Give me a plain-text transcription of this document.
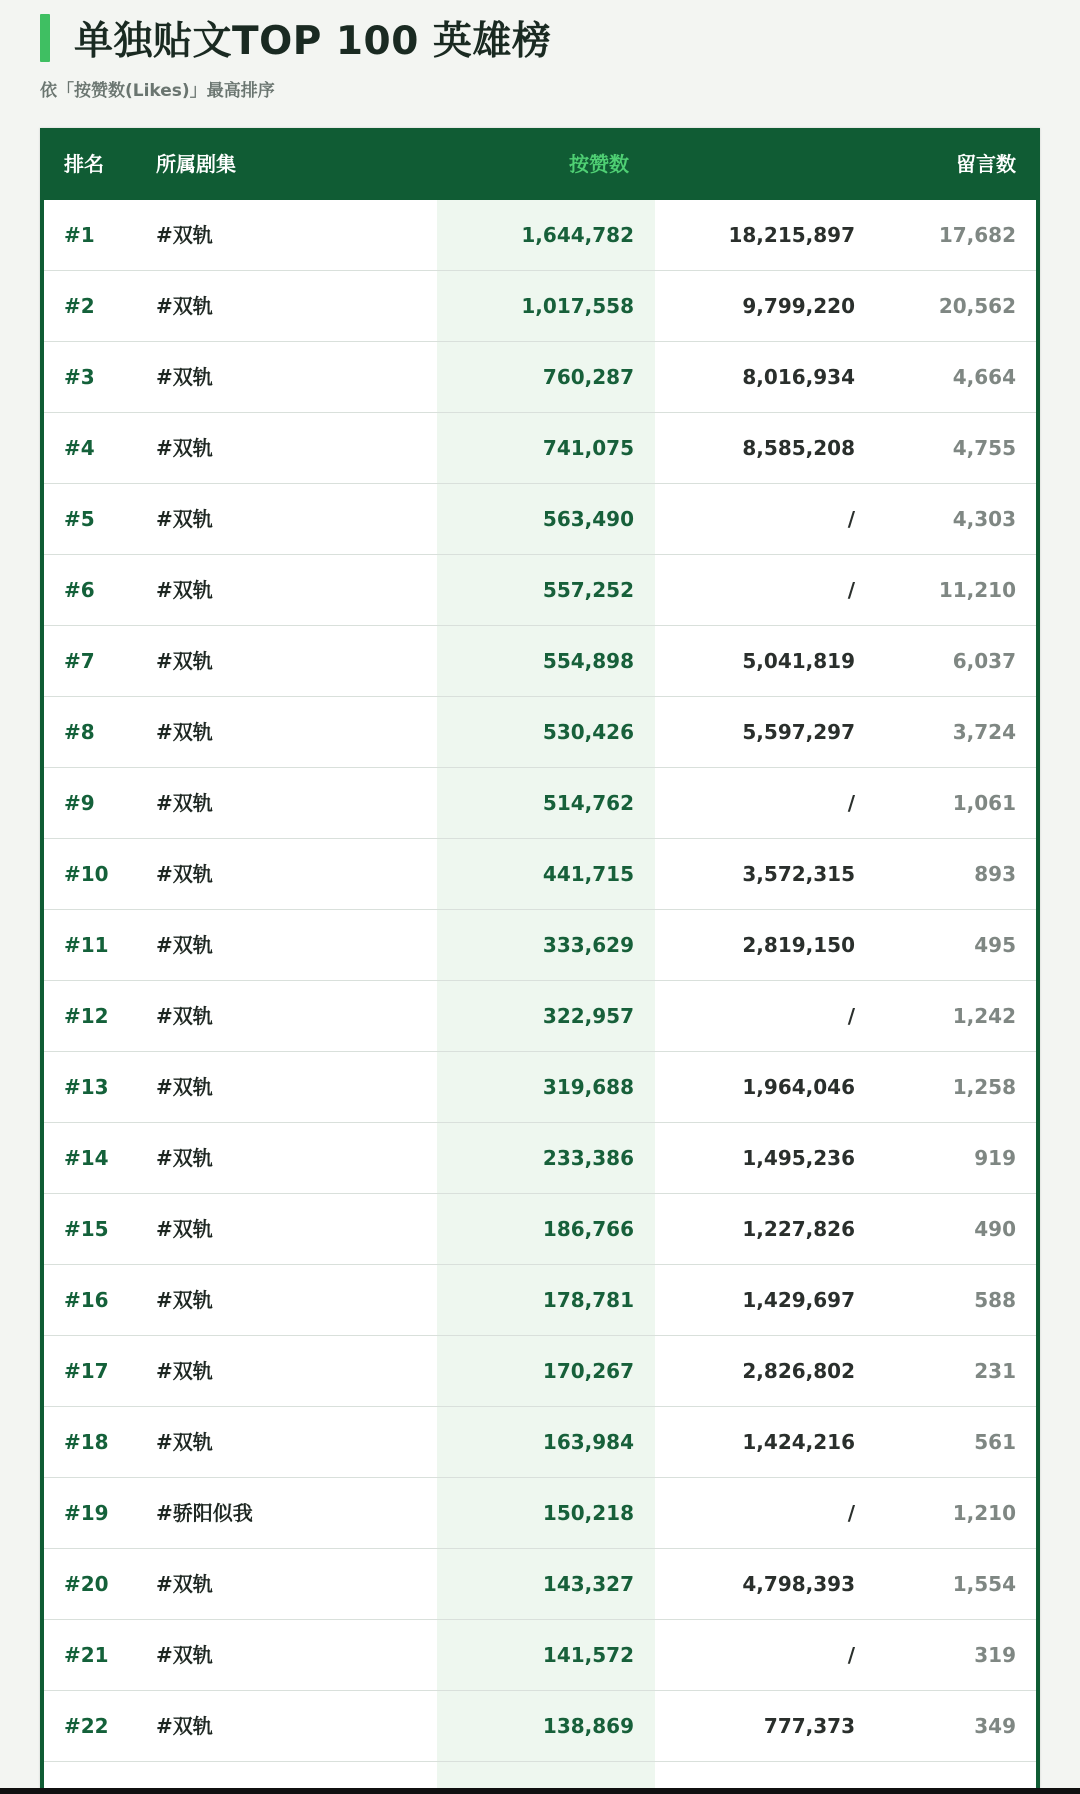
单独贴文TOP 100 英雄榜
依「按赞数(Likes)」最高排序
排名	所属剧集	按赞数	留言数
#1	#双轨	1,644,782	18,215,897	17,682
#2	#双轨	1,017,558	9,799,220	20,562
#3	#双轨	760,287	8,016,934	4,664
#4	#双轨	741,075	8,585,208	4,755
#5	#双轨	563,490	/	4,303
#6	#双轨	557,252	/	11,210
#7	#双轨	554,898	5,041,819	6,037
#8	#双轨	530,426	5,597,297	3,724
#9	#双轨	514,762	/	1,061
#10 #双轨	441,715	3,572,315	893
#11 #双轨	333,629	2,819,150	495
#12 #双轨	322,957	/	1,242
#13 #双轨	319,688	1,964,046	1,258
#14 #双轨	233,386	1,495,236	919
#15 #双轨	186,766	1,227,826	490
#16 #双轨	178,781	1,429,697	588
#17 #双轨	170,267	2,826,802	231
#18 #双轨	163,984	1,424,216	561
#19 #骄阳似我	150,218	/	1,210
#20 #双轨	143,327	4,798,393	1,554
#21 #双轨	141,572	/	319
#22 #双轨	138,869	777,373	349
